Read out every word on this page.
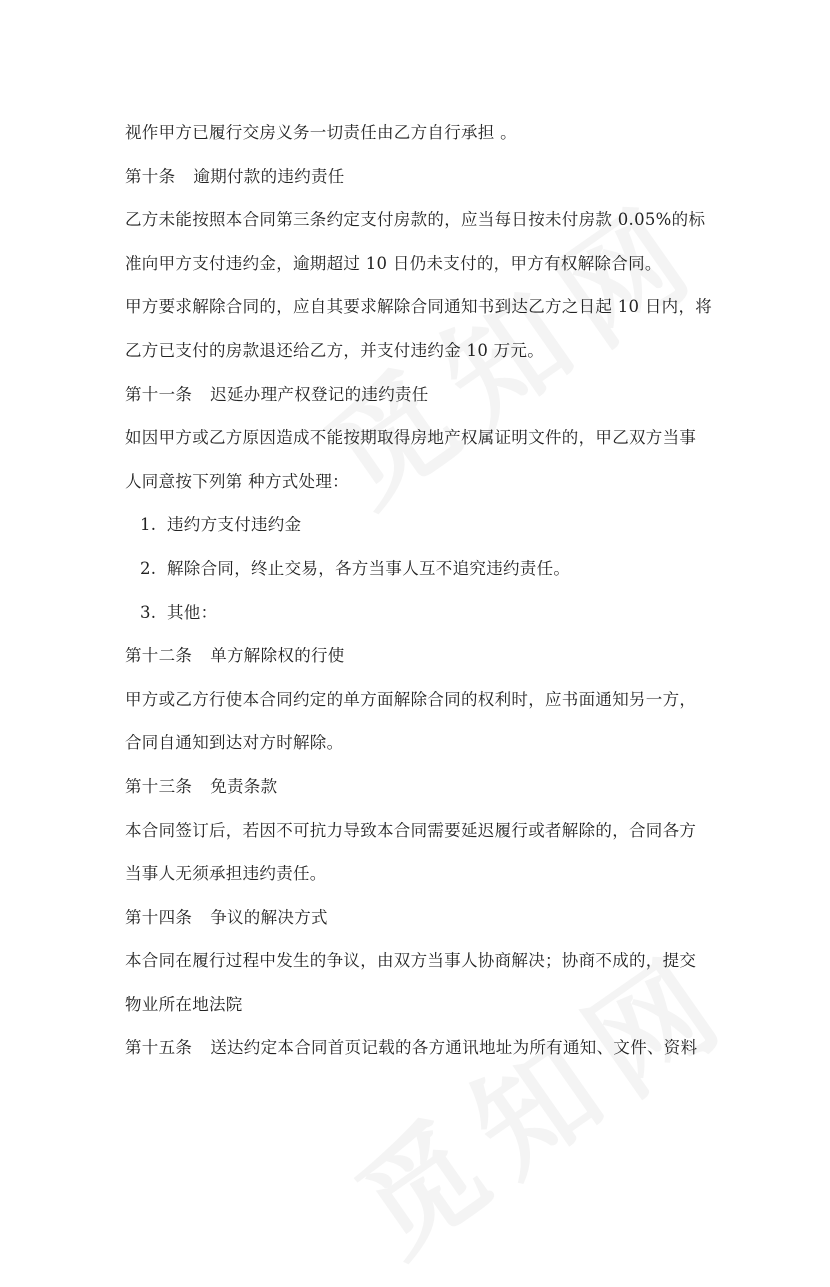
视作甲方已履行交房义务一切责任由乙方自行承担 。
第十条 逾期付款的违约责任
乙方未能按照本合同第三条约定支付房款的，应当每日按未付房款 0.05%的标
准向甲方支付违约金，逾期超过 10 日仍未支付的，甲方有权解除合同。
甲方要求解除合同的，应自其要求解除合同通知书到达乙方之日起 10 日内，将
乙方已支付的房款退还给乙方，并支付违约金 10 万元。
第十一条 迟延办理产权登记的违约责任
如因甲方或乙方原因造成不能按期取得房地产权属证明文件的，甲乙双方当事
人同意按下列第 种方式处理：
1. 违约方支付违约金
2. 解除合同，终止交易，各方当事人互不追究违约责任。
3. 其他：
第十二条 单方解除权的行使
甲方或乙方行使本合同约定的单方面解除合同的权利时，应书面通知另一方，
合同自通知到达对方时解除。
第十三条 免责条款
本合同签订后，若因不可抗力导致本合同需要延迟履行或者解除的，合同各方
当事人无须承担违约责任。
第十四条 争议的解决方式
本合同在履行过程中发生的争议，由双方当事人协商解决；协商不成的，提交
物业所在地法院
第十五条 送达约定本合同首页记载的各方通讯地址为所有通知、文件、资料
